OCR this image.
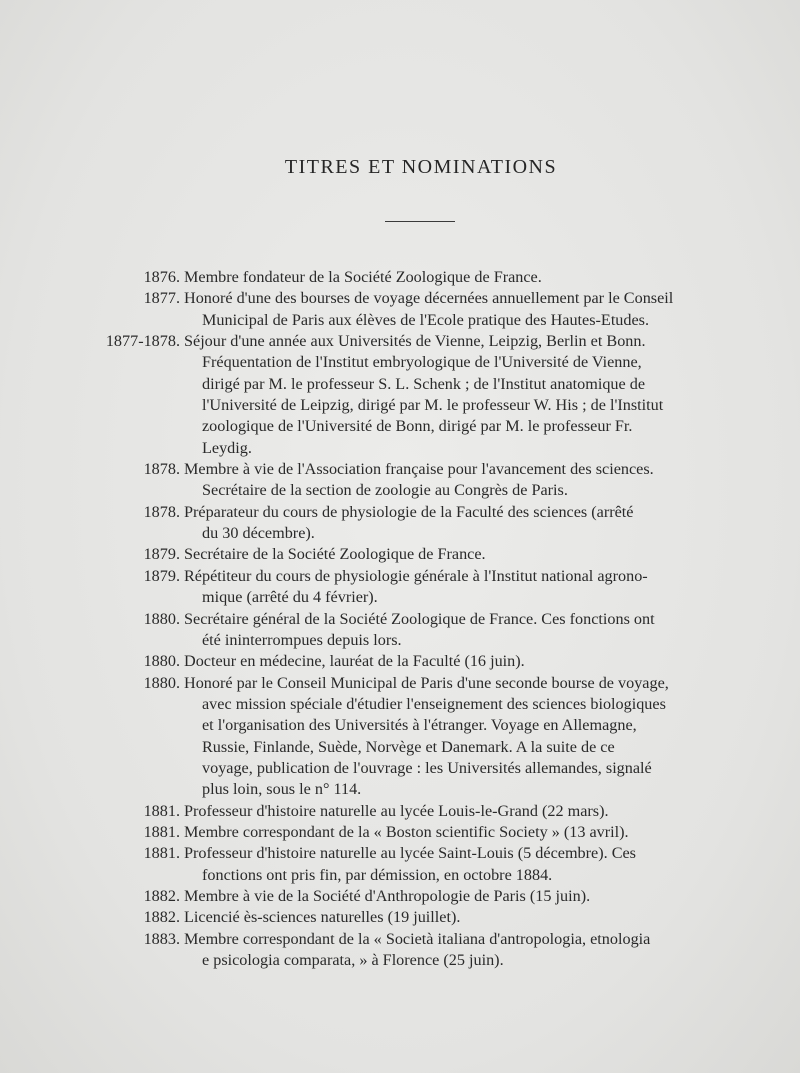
TITRES ET NOMINATIONS
1876. Membre fondateur de la Société Zoologique de France.
1877. Honoré d'une des bourses de voyage décernées annuellement par le Conseil
Municipal de Paris aux élèves de l'Ecole pratique des Hautes-Etudes.
1877-1878. Séjour d'une année aux Universités de Vienne, Leipzig, Berlin et Bonn.
Fréquentation de l'Institut embryologique de l'Université de Vienne,
dirigé par M. le professeur S. L. Schenk ; de l'Institut anatomique de
l'Université de Leipzig, dirigé par M. le professeur W. His ; de l'Institut
zoologique de l'Université de Bonn, dirigé par M. le professeur Fr.
Leydig.
1878. Membre à vie de l'Association française pour l'avancement des sciences.
Secrétaire de la section de zoologie au Congrès de Paris.
1878. Préparateur du cours de physiologie de la Faculté des sciences (arrêté
du 30 décembre).
1879. Secrétaire de la Société Zoologique de France.
1879. Répétiteur du cours de physiologie générale à l'Institut national agrono-
mique (arrêté du 4 février).
1880. Secrétaire général de la Société Zoologique de France. Ces fonctions ont
été ininterrompues depuis lors.
1880. Docteur en médecine, lauréat de la Faculté (16 juin).
1880. Honoré par le Conseil Municipal de Paris d'une seconde bourse de voyage,
avec mission spéciale d'étudier l'enseignement des sciences biologiques
et l'organisation des Universités à l'étranger. Voyage en Allemagne,
Russie, Finlande, Suède, Norvège et Danemark. A la suite de ce
voyage, publication de l'ouvrage : les Universités allemandes, signalé
plus loin, sous le n° 114.
1881. Professeur d'histoire naturelle au lycée Louis-le-Grand (22 mars).
1881. Membre correspondant de la « Boston scientific Society » (13 avril).
1881. Professeur d'histoire naturelle au lycée Saint-Louis (5 décembre). Ces
fonctions ont pris fin, par démission, en octobre 1884.
1882. Membre à vie de la Société d'Anthropologie de Paris (15 juin).
1882. Licencié ès-sciences naturelles (19 juillet).
1883. Membre correspondant de la « Società italiana d'antropologia, etnologia
e psicologia comparata, » à Florence (25 juin).
